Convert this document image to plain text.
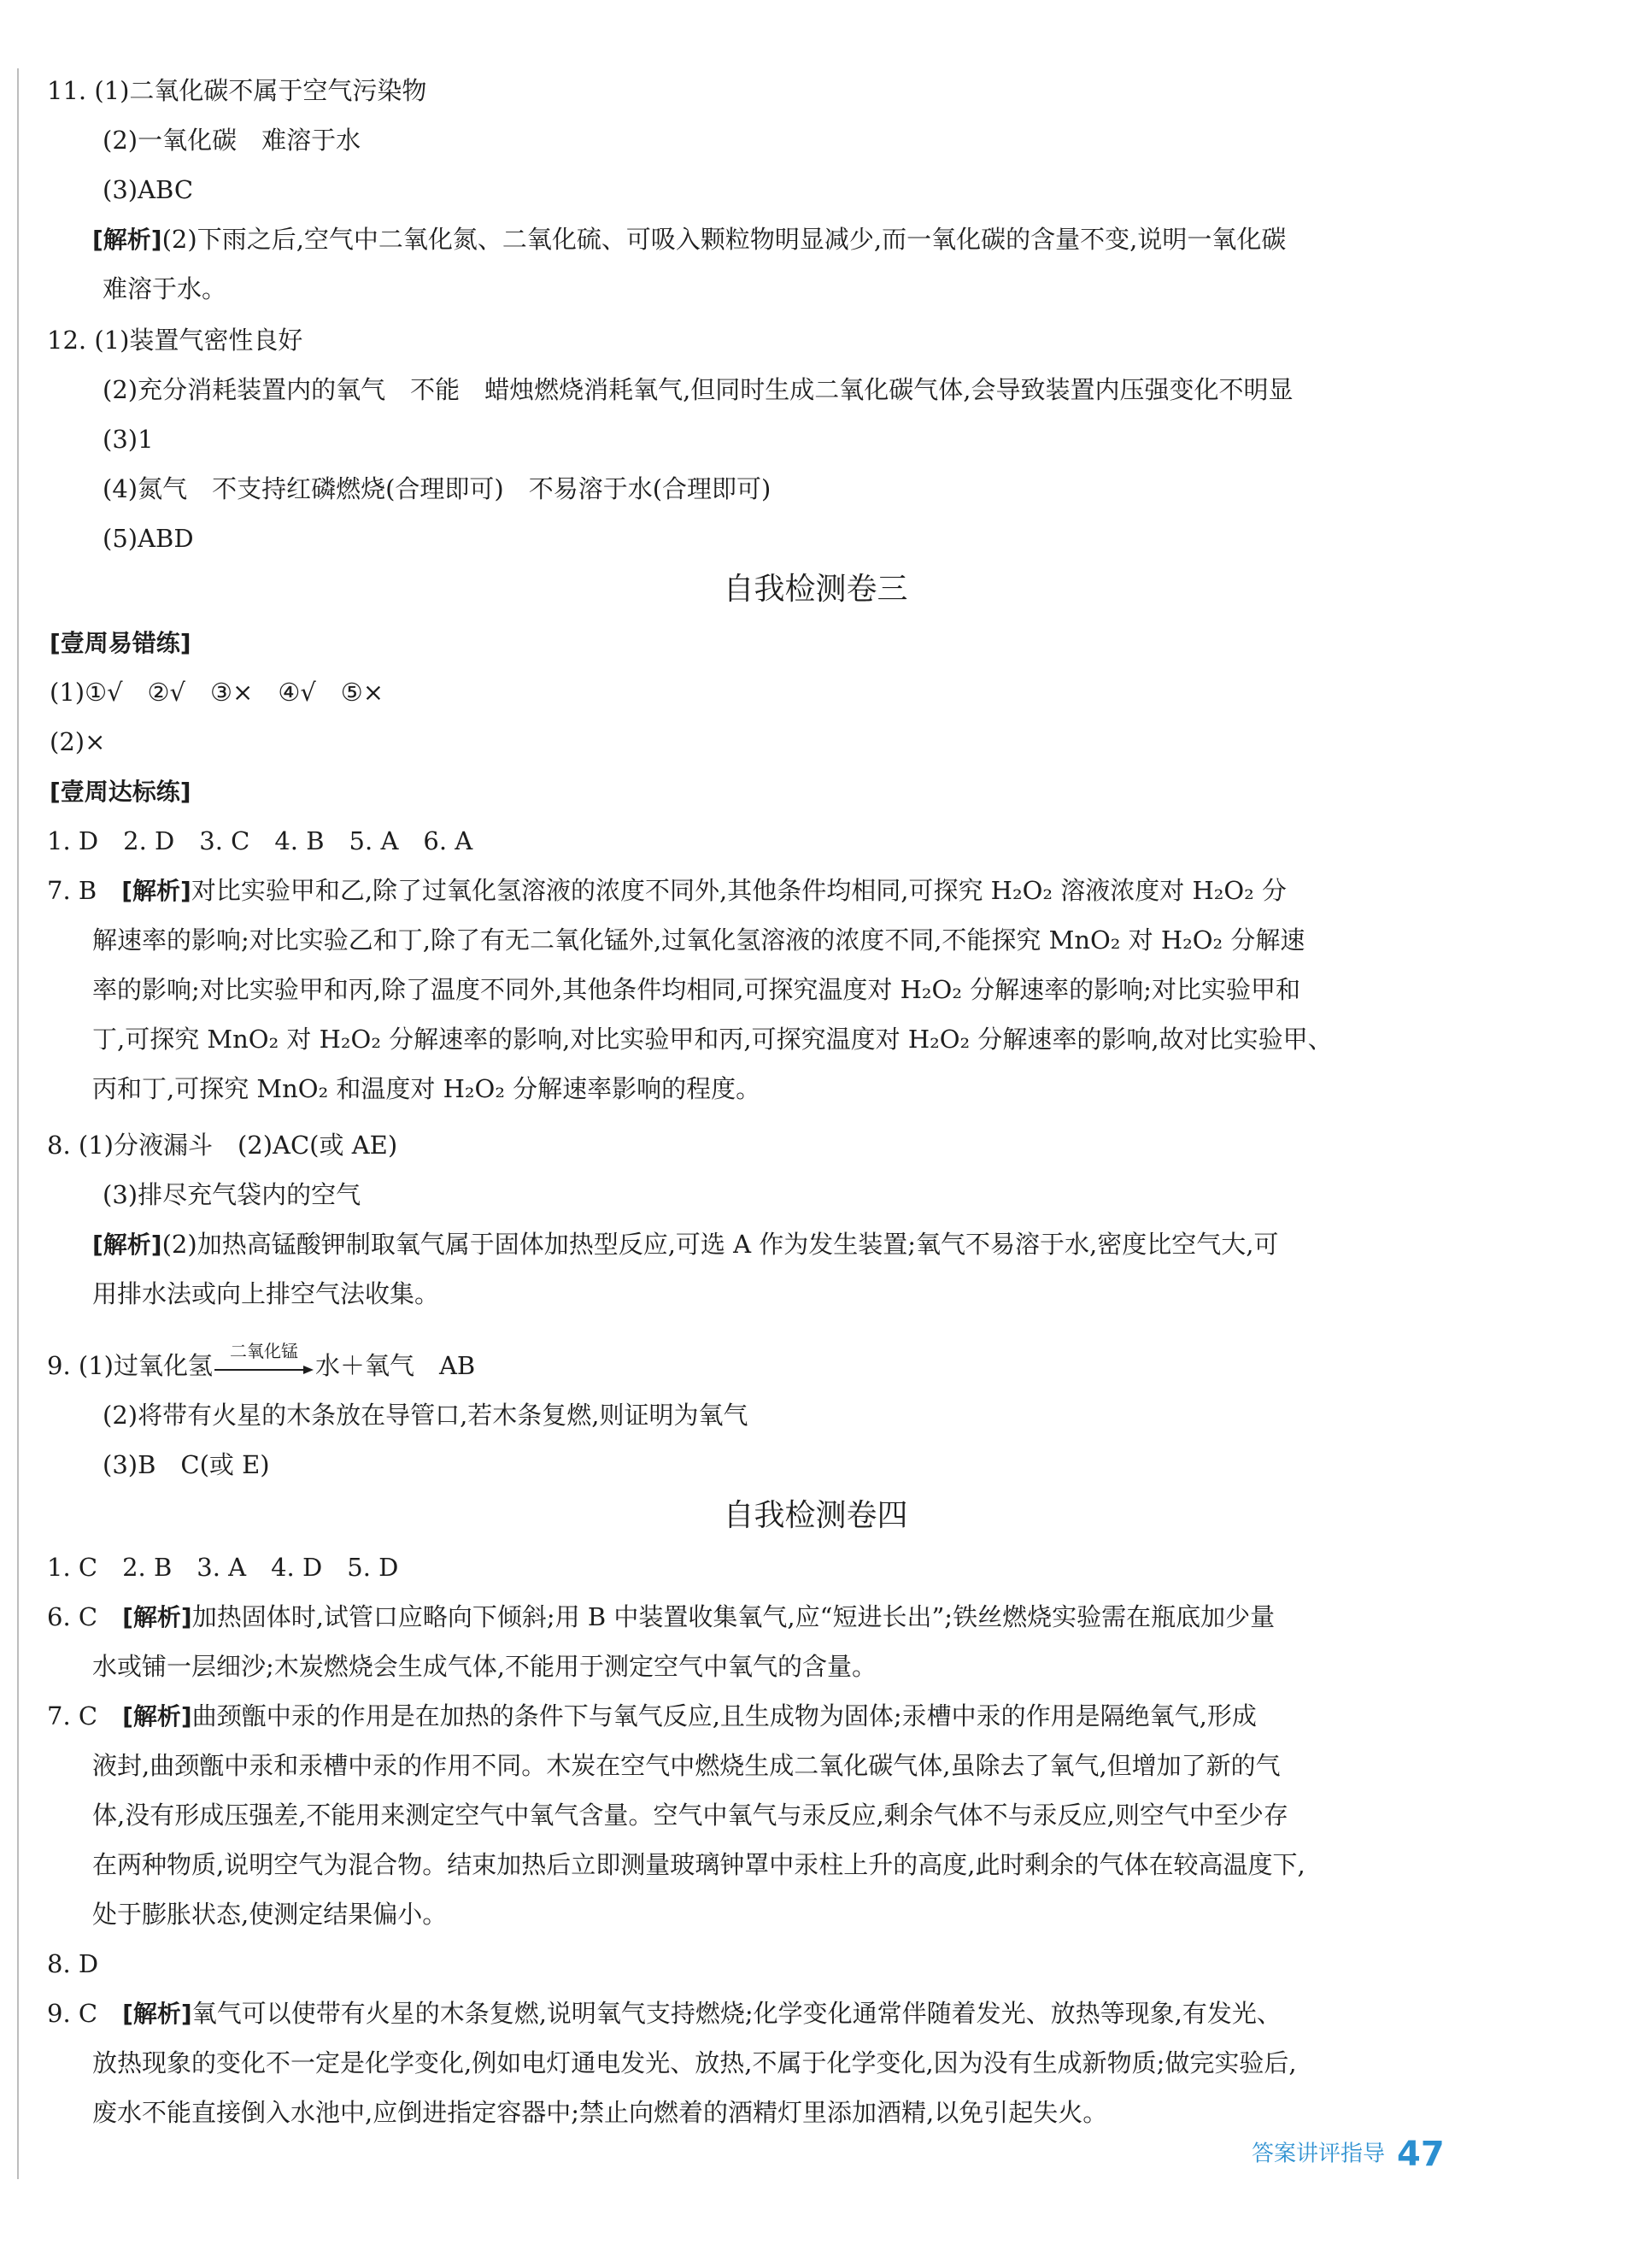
11. (1)二氧化碳不属于空气污染物
(2)一氧化碳　难溶于水
(3)ABC
[解析](2)下雨之后,空气中二氧化氮、二氧化硫、可吸入颗粒物明显减少,而一氧化碳的含量不变,说明一氧化碳
难溶于水。
12. (1)装置气密性良好
(2)充分消耗装置内的氧气　不能　蜡烛燃烧消耗氧气,但同时生成二氧化碳气体,会导致装置内压强变化不明显
(3)1
(4)氮气　不支持红磷燃烧(合理即可)　不易溶于水(合理即可)
(5)ABD
自我检测卷三
[壹周易错练]
(1)①√　②√　③×　④√　⑤×
(2)×
[壹周达标练]
1. D　2. D　3. C　4. B　5. A　6. A
7. B　[解析]对比实验甲和乙,除了过氧化氢溶液的浓度不同外,其他条件均相同,可探究 H₂O₂ 溶液浓度对 H₂O₂ 分
解速率的影响;对比实验乙和丁,除了有无二氧化锰外,过氧化氢溶液的浓度不同,不能探究 MnO₂ 对 H₂O₂ 分解速
率的影响;对比实验甲和丙,除了温度不同外,其他条件均相同,可探究温度对 H₂O₂ 分解速率的影响;对比实验甲和
丁,可探究 MnO₂ 对 H₂O₂ 分解速率的影响,对比实验甲和丙,可探究温度对 H₂O₂ 分解速率的影响,故对比实验甲、
丙和丁,可探究 MnO₂ 和温度对 H₂O₂ 分解速率影响的程度。
8. (1)分液漏斗　(2)AC(或 AE)
(3)排尽充气袋内的空气
[解析](2)加热高锰酸钾制取氧气属于固体加热型反应,可选 A 作为发生装置;氧气不易溶于水,密度比空气大,可
用排水法或向上排空气法收集。
9. (1)过氧化氢	二氧化锰 水＋氧气　AB
(2)将带有火星的木条放在导管口,若木条复燃,则证明为氧气
(3)B　C(或 E)
自我检测卷四
1. C　2. B　3. A　4. D　5. D
6. C　[解析]加热固体时,试管口应略向下倾斜;用 B 中装置收集氧气,应“短进长出”;铁丝燃烧实验需在瓶底加少量
水或铺一层细沙;木炭燃烧会生成气体,不能用于测定空气中氧气的含量。
7. C　[解析]曲颈甑中汞的作用是在加热的条件下与氧气反应,且生成物为固体;汞槽中汞的作用是隔绝氧气,形成
液封,曲颈甑中汞和汞槽中汞的作用不同。木炭在空气中燃烧生成二氧化碳气体,虽除去了氧气,但增加了新的气
体,没有形成压强差,不能用来测定空气中氧气含量。空气中氧气与汞反应,剩余气体不与汞反应,则空气中至少存
在两种物质,说明空气为混合物。结束加热后立即测量玻璃钟罩中汞柱上升的高度,此时剩余的气体在较高温度下,
处于膨胀状态,使测定结果偏小。
8. D
9. C　[解析]氧气可以使带有火星的木条复燃,说明氧气支持燃烧;化学变化通常伴随着发光、放热等现象,有发光、
放热现象的变化不一定是化学变化,例如电灯通电发光、放热,不属于化学变化,因为没有生成新物质;做完实验后,
废水不能直接倒入水池中,应倒进指定容器中;禁止向燃着的酒精灯里添加酒精,以免引起失火。
答案讲评指导 47
